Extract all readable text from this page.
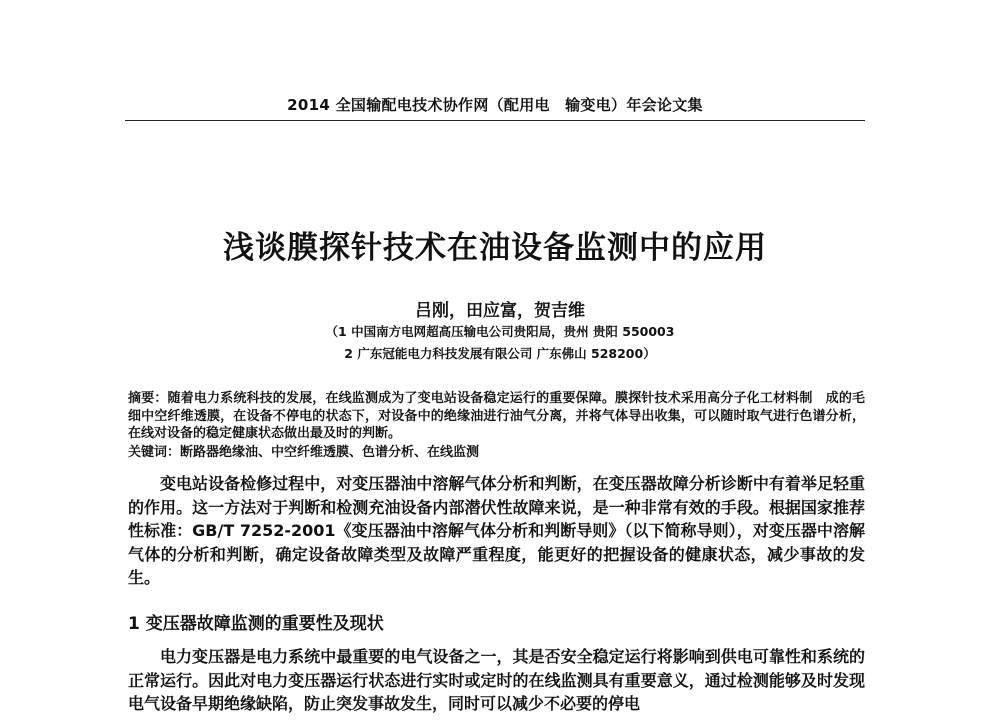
2014 全国输配电技术协作网（配用电　输变电）年会论文集
浅谈膜探针技术在油设备监测中的应用
吕刚，田应富，贺吉维
（1 中国南方电网超高压输电公司贵阳局，贵州 贵阳 550003
2 广东冠能电力科技发展有限公司 广东佛山 528200）
摘要：随着电力系统科技的发展，在线监测成为了变电站设备稳定运行的重要保障。膜探针技术采用高分子化工材料制　成的毛细中空纤维透膜，在设备不停电的状态下，对设备中的绝缘油进行油气分离，并将气体导出收集，可以随时取气进行色谱分析，在线对设备的稳定健康状态做出最及时的判断。
关键词：断路器绝缘油、中空纤维透膜、色谱分析、在线监测
变电站设备检修过程中，对变压器油中溶解气体分析和判断，在变压器故障分析诊断中有着举足轻重的作用。这一方法对于判断和检测充油设备内部潜伏性故障来说，是一种非常有效的手段。根据国家推荐性标准：GB/T 7252-2001《变压器油中溶解气体分析和判断导则》（以下简称导则），对变压器中溶解气体的分析和判断，确定设备故障类型及故障严重程度，能更好的把握设备的健康状态，减少事故的发生。
1 变压器故障监测的重要性及现状
电力变压器是电力系统中最重要的电气设备之一，其是否安全稳定运行将影响到供电可靠性和系统的正常运行。因此对电力变压器运行状态进行实时或定时的在线监测具有重要意义，通过检测能够及时发现电气设备早期绝缘缺陷，防止突发事故发生，同时可以减少不必要的停电
